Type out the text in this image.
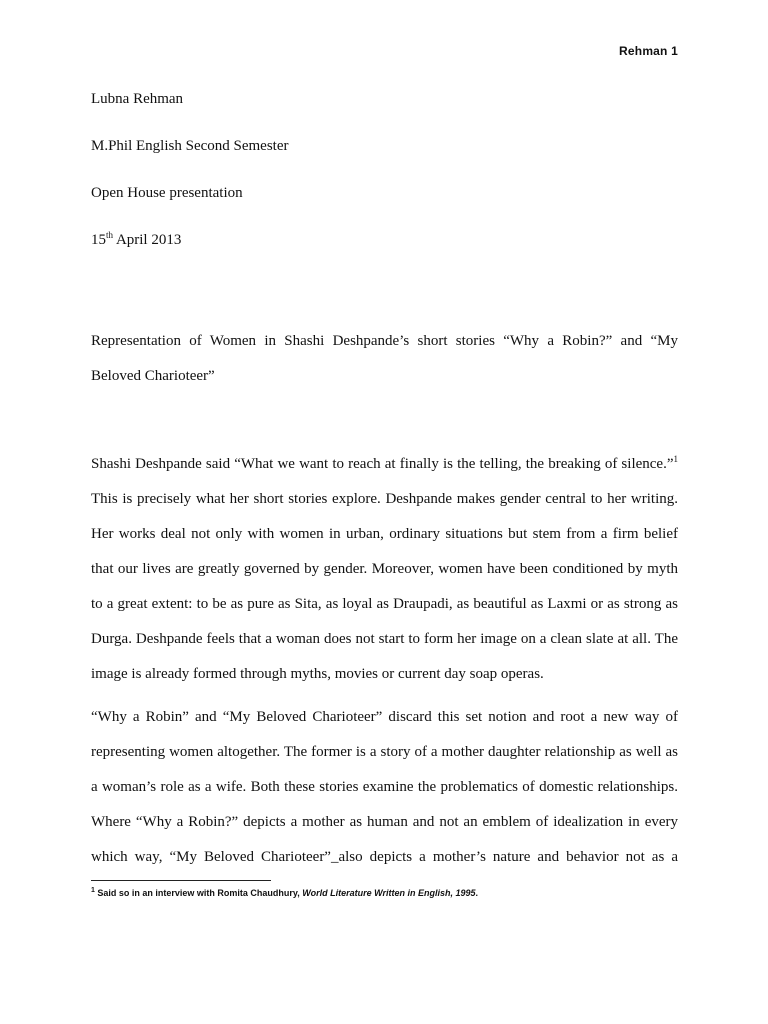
Rehman 1
Lubna Rehman
M.Phil English Second Semester
Open House presentation
15th April 2013
Representation of Women in Shashi Deshpande’s short stories “Why a Robin?” and “My
Beloved Charioteer”
Shashi Deshpande said “What we want to reach at finally is the telling, the breaking of silence.”$^1$
This is precisely what her short stories explore. Deshpande makes gender central to her writing.
Her works deal not only with women in urban, ordinary situations but stem from a firm belief
that our lives are greatly governed by gender. Moreover, women have been conditioned by myth
to a great extent: to be as pure as Sita, as loyal as Draupadi, as beautiful as Laxmi or as strong as
Durga. Deshpande feels that a woman does not start to form her image on a clean slate at all. The
image is already formed through myths, movies or current day soap operas.
“Why a Robin” and “My Beloved Charioteer” discard this set notion and root a new way of
representing women altogether. The former is a story of a mother daughter relationship as well as
a woman’s role as a wife. Both these stories examine the problematics of domestic relationships.
Where “Why a Robin?” depicts a mother as human and not an emblem of idealization in every
which way, “My Beloved Charioteer”_also depicts a mother’s nature and behavior not as a
$^1$ Said so in an interview with Romita Chaudhury, World Literature Written in English, 1995.
